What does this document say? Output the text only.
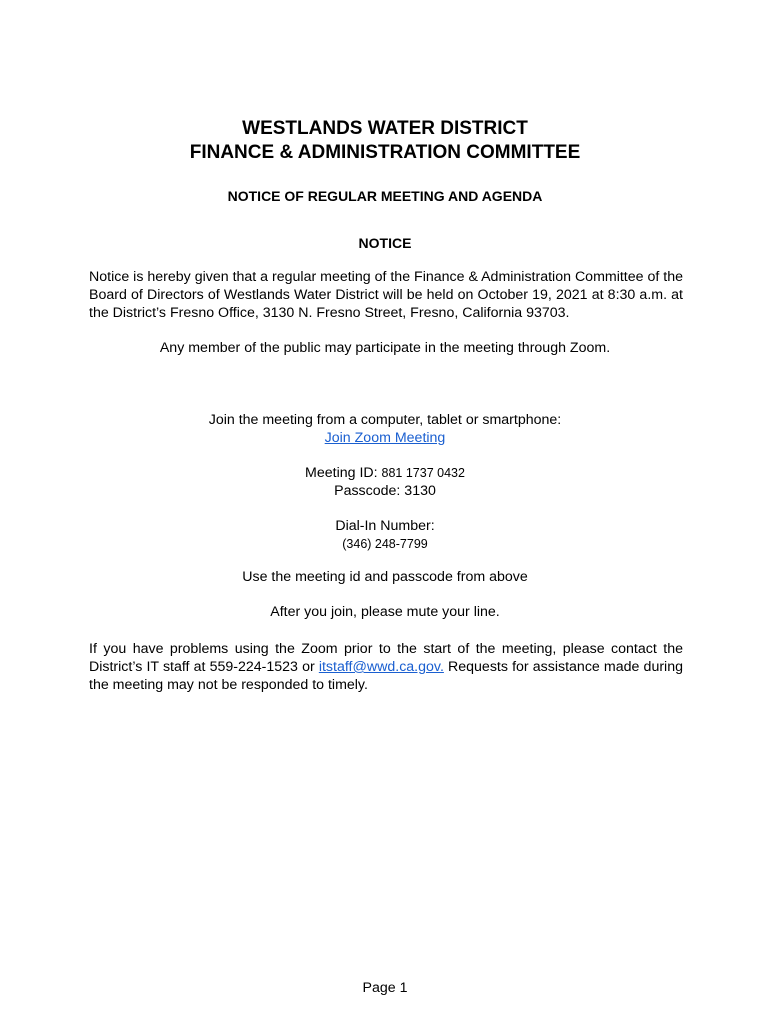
WESTLANDS WATER DISTRICT
FINANCE & ADMINISTRATION COMMITTEE
NOTICE OF REGULAR MEETING AND AGENDA
NOTICE
Notice is hereby given that a regular meeting of the Finance & Administration Committee of the Board of Directors of Westlands Water District will be held on October 19, 2021 at 8:30 a.m. at the District’s Fresno Office, 3130 N. Fresno Street, Fresno, California 93703.
Any member of the public may participate in the meeting through Zoom.
Join the meeting from a computer, tablet or smartphone:
Join Zoom Meeting
Meeting ID: 881 1737 0432
Passcode: 3130
Dial-In Number:
(346) 248-7799
Use the meeting id and passcode from above
After you join, please mute your line.
If you have problems using the Zoom prior to the start of the meeting, please contact the District’s IT staff at 559-224-1523 or itstaff@wwd.ca.gov. Requests for assistance made during the meeting may not be responded to timely.
Page 1
